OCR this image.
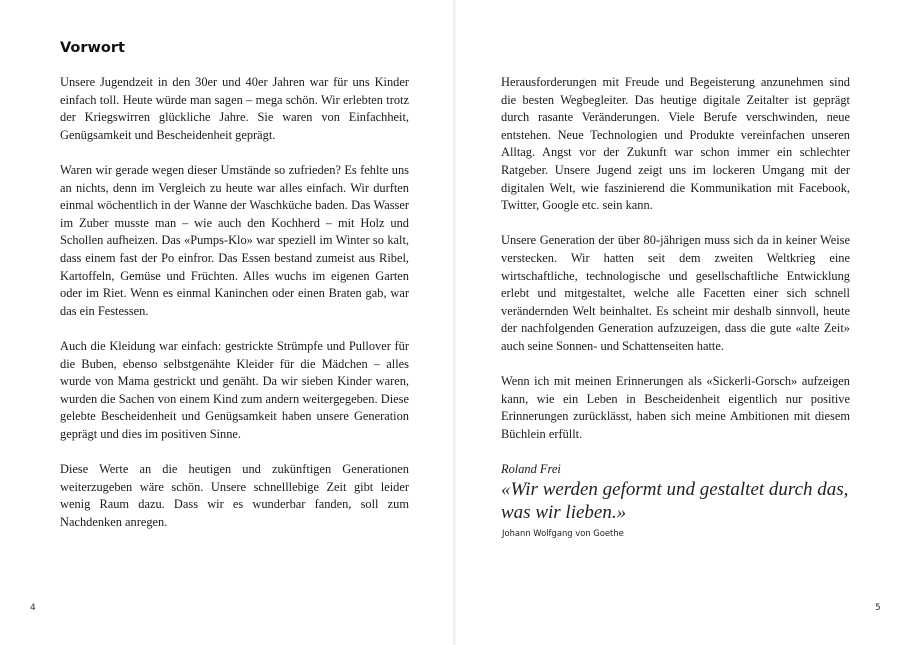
Vorwort

Unsere Jugendzeit in den 30er und 40er Jahren war für uns Kinder einfach toll. Heute würde man sagen – mega schön. Wir erlebten trotz der Kriegswirren glückliche Jahre. Sie waren von Einfachheit, Genügsamkeit und Bescheidenheit geprägt.

Waren wir gerade wegen dieser Umstände so zufrieden? Es fehlte uns an nichts, denn im Vergleich zu heute war alles einfach. Wir durften einmal wöchentlich in der Wanne der Waschküche baden. Das Wasser im Zuber musste man – wie auch den Kochherd – mit Holz und Schollen aufheizen. Das «Pumps-Klo» war speziell im Winter so kalt, dass einem fast der Po einfror. Das Essen bestand zumeist aus Ribel, Kartoffeln, Gemüse und Früchten. Alles wuchs im eigenen Garten oder im Riet. Wenn es einmal Kaninchen oder einen Braten gab, war das ein Festessen.

Auch die Kleidung war einfach: gestrickte Strümpfe und Pullover für die Buben, ebenso selbstgenähte Kleider für die Mädchen – alles wurde von Mama gestrickt und genäht. Da wir sieben Kinder waren, wurden die Sachen von einem Kind zum andern weitergegeben. Diese gelebte Bescheidenheit und Genügsamkeit haben unsere Generation geprägt und dies im positiven Sinne.

Diese Werte an die heutigen und zukünftigen Generationen weiterzugeben wäre schön. Unsere schnelllebige Zeit gibt leider wenig Raum dazu. Dass wir es wunderbar fanden, soll zum Nachdenken anregen.

4

Herausforderungen mit Freude und Begeisterung anzunehmen sind die besten Wegbegleiter. Das heutige digitale Zeitalter ist geprägt durch rasante Veränderungen. Viele Berufe verschwinden, neue entstehen. Neue Technologien und Produkte vereinfachen unseren Alltag. Angst vor der Zukunft war schon immer ein schlechter Ratgeber. Unsere Jugend zeigt uns im lockeren Umgang mit der digitalen Welt, wie faszinierend die Kommunikation mit Facebook, Twitter, Google etc. sein kann.

Unsere Generation der über 80-jährigen muss sich da in keiner Weise verstecken. Wir hatten seit dem zweiten Weltkrieg eine wirtschaftliche, technologische und gesellschaftliche Entwicklung erlebt und mitgestaltet, welche alle Facetten einer sich schnell verändernden Welt beinhaltet. Es scheint mir deshalb sinnvoll, heute der nachfolgenden Generation aufzuzeigen, dass die gute «alte Zeit» auch seine Sonnen- und Schattenseiten hatte.

Wenn ich mit meinen Erinnerungen als «Sickerli-Gorsch» aufzeigen kann, wie ein Leben in Bescheidenheit eigentlich nur positive Erinnerungen zurücklässt, haben sich meine Ambitionen mit diesem Büchlein erfüllt.

Roland Frei

«Wir werden geformt und gestaltet durch das, was wir lieben.»
Johann Wolfgang von Goethe
5
